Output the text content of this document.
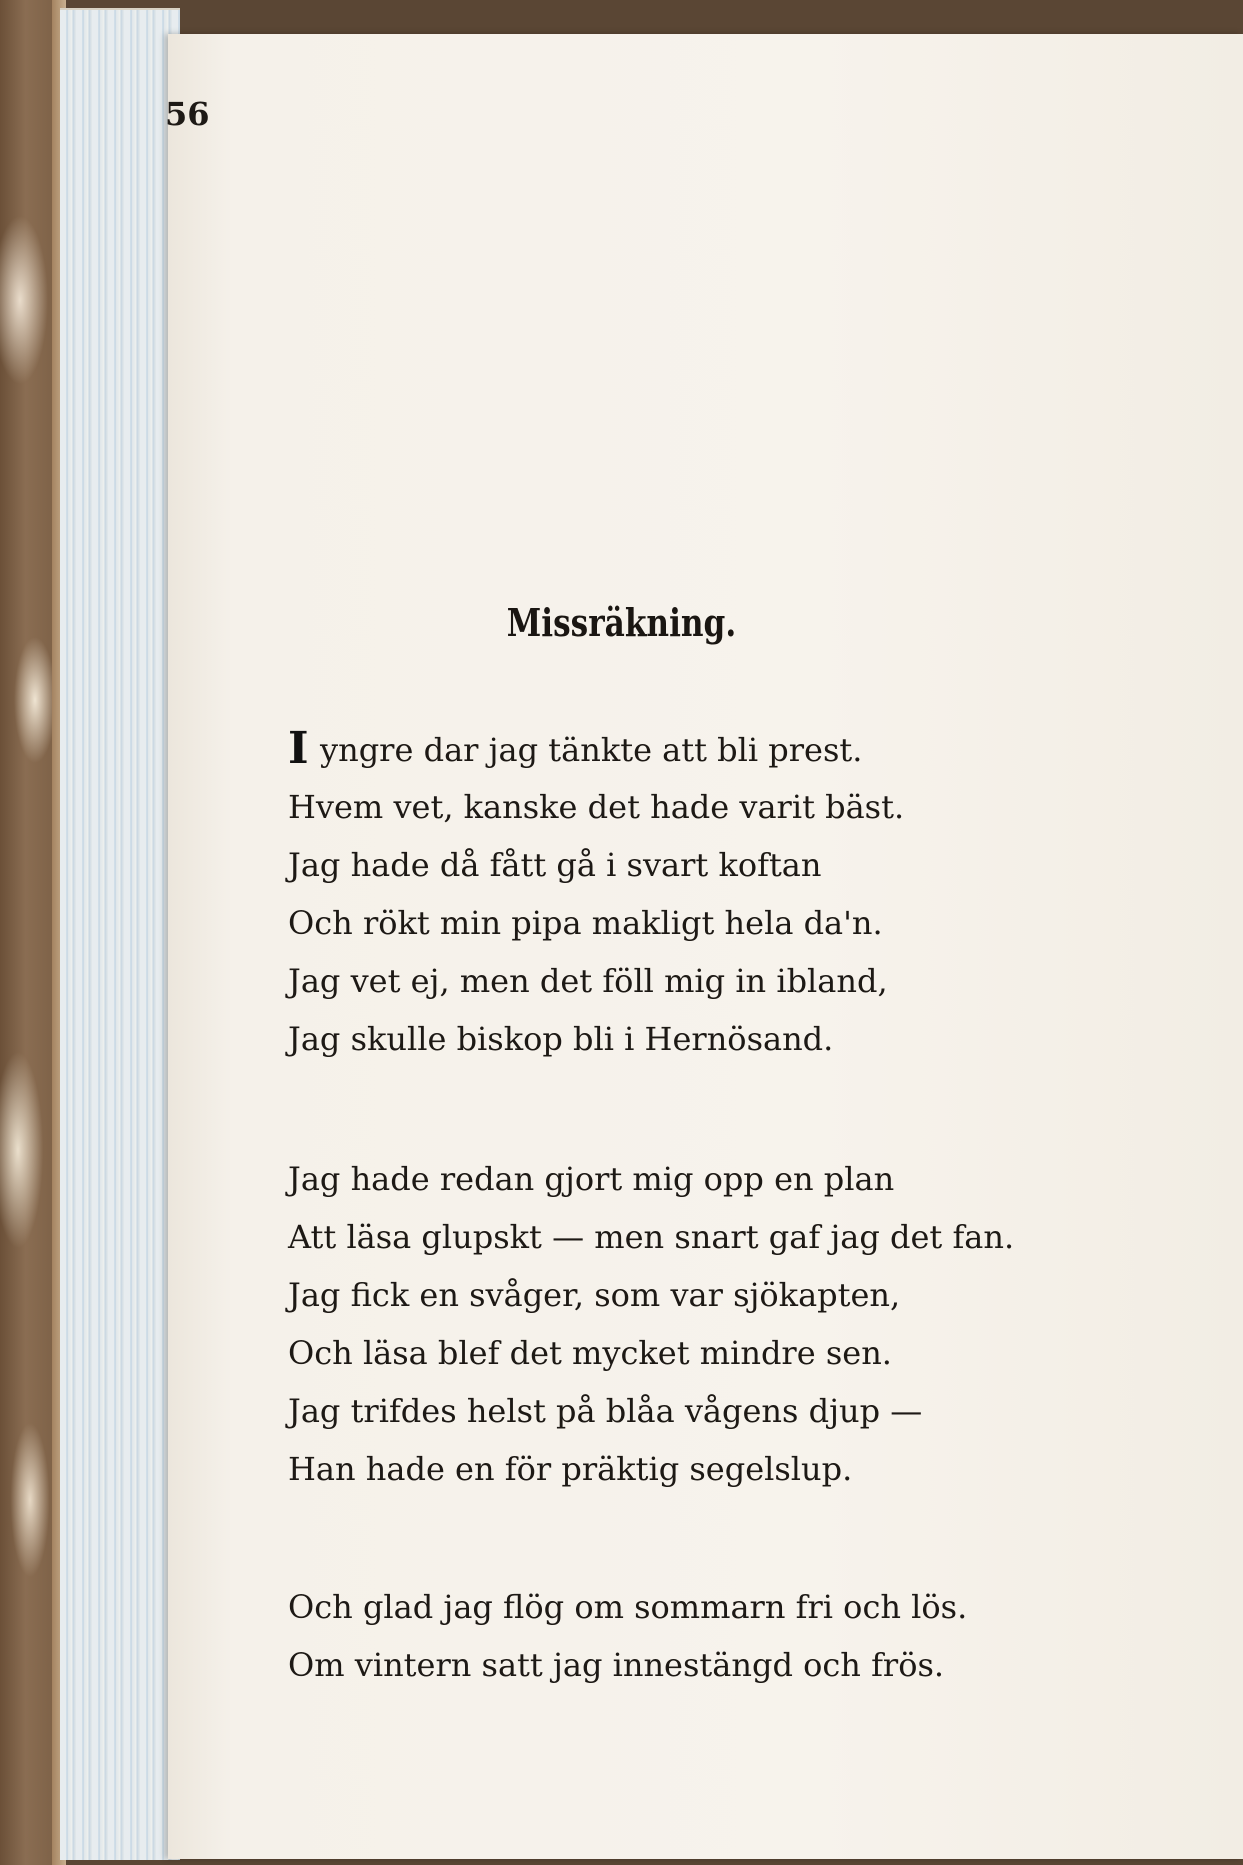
56
Missräkning.
I yngre dar jag tänkte att bli prest.
Hvem vet, kanske det hade varit bäst.
Jag hade då fått gå i svart koftan
Och rökt min pipa makligt hela da'n.
Jag vet ej, men det föll mig in ibland,
Jag skulle biskop bli i Hernösand.
Jag hade redan gjort mig opp en plan
Att läsa glupskt — men snart gaf jag det fan.
Jag fick en svåger, som var sjökapten,
Och läsa blef det mycket mindre sen.
Jag trifdes helst på blåa vågens djup —
Han hade en för präktig segelslup.
Och glad jag flög om sommarn fri och lös.
Om vintern satt jag innestängd och frös.
